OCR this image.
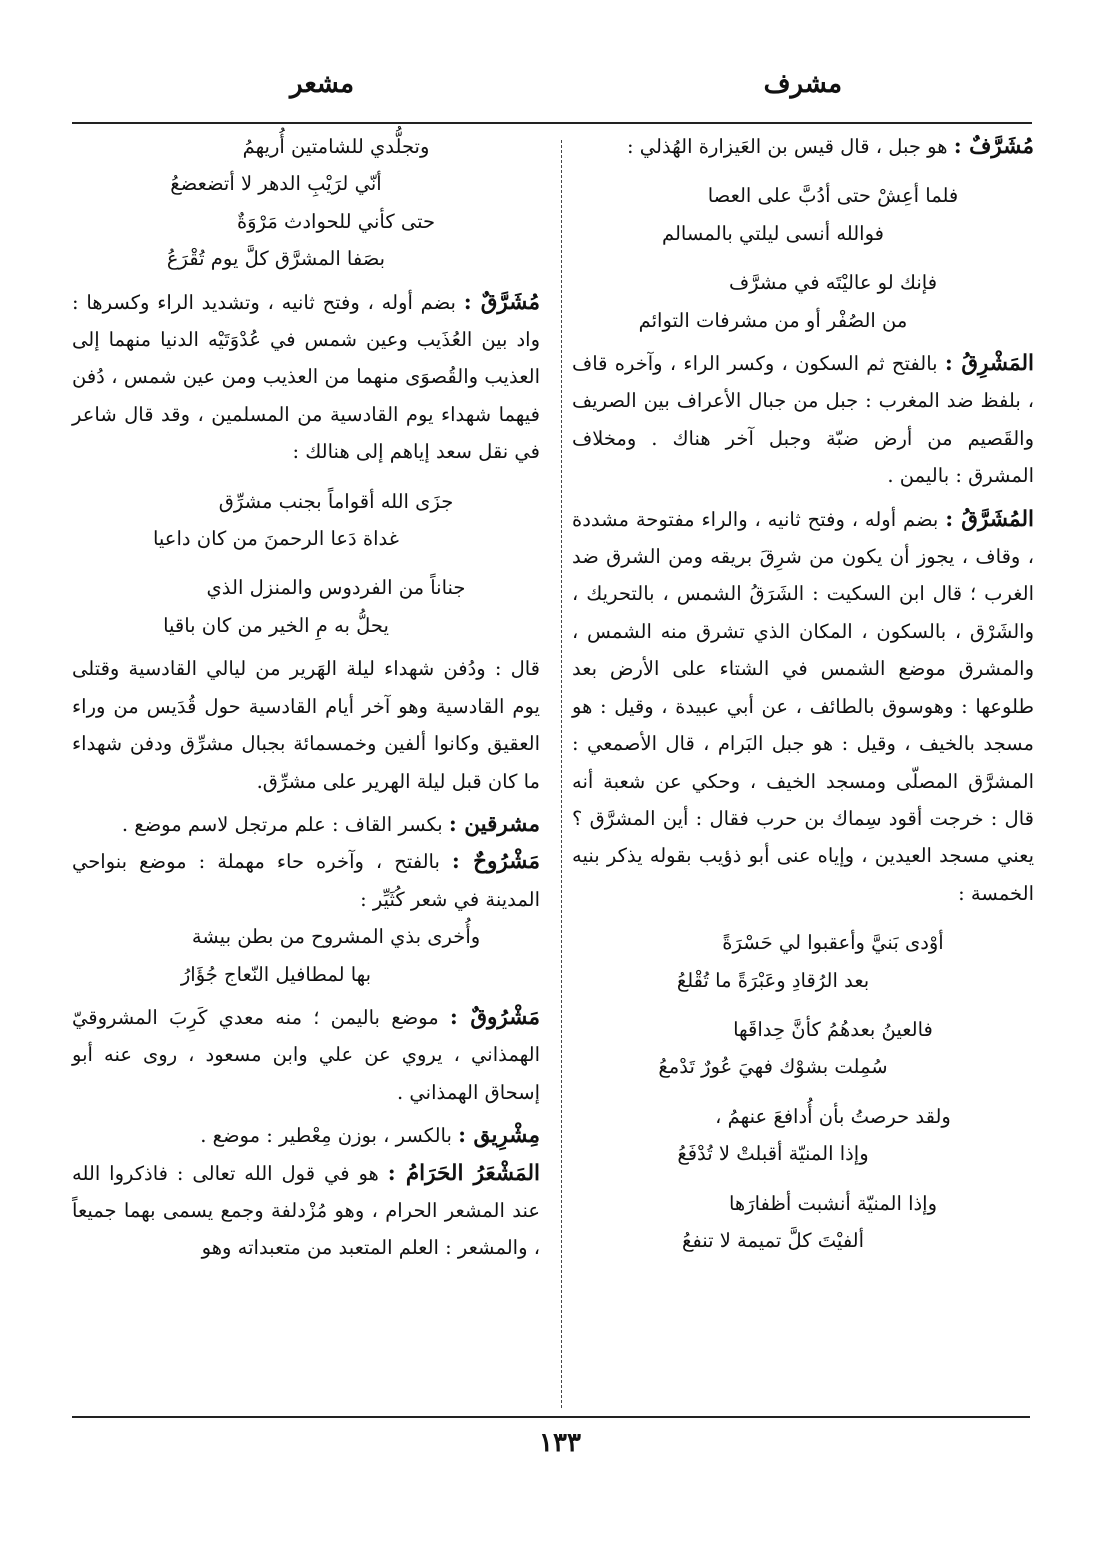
مشرف
مشعر

مُشَرَّفٌ : هو جبل ، قال قيس بن العَيزارة الهُذلي :

فلما أعِشْ حتى أدُبَّ على العصا
فوالله أنسى ليلتي بالمسالم
فإنك لو عاليْتَه في مشرَّف
من الصُفْر أو من مشرفات التوائم

المَشْرِقُ : بالفتح ثم السكون ، وكسر الراء ، وآخره قاف ، بلفظ ضد المغرب : جبل من جبال الأعراف بين الصريف والقَصيم من أرض ضبّة وجبل آخر هناك . ومخلاف المشرق : باليمن .

المُشَرَّقُ : بضم أوله ، وفتح ثانيه ، والراء مفتوحة مشددة ، وقاف ، يجوز أن يكون من شرِقَ بريقه ومن الشرق ضد الغرب ؛ قال ابن السكيت : الشَرَقُ الشمس ، بالتحريك ، والشَرْق ، بالسكون ، المكان الذي تشرق منه الشمس ، والمشرق موضع الشمس في الشتاء على الأرض بعد طلوعها : وهوسوق بالطائف ، عن أبي عبيدة ، وقيل : هو مسجد بالخيف ، وقيل : هو جبل البَرام ، قال الأصمعي : المشرَّق المصلّى ومسجد الخيف ، وحكي عن شعبة أنه قال : خرجت أقود سِماك بن حرب فقال : أين المشرَّق ؟ يعني مسجد العيدين ، وإياه عنى أبو ذؤيب بقوله يذكر بنيه الخمسة :

أوْدى بَنيَّ وأعقبوا لي حَسْرَةً
بعد الرُقادِ وعَبْرَةً ما تُقْلعُ
فالعينُ بعدهُمُ كأنَّ حِداقَها
سُمِلت بشوْك فهيَ عُورٌ تَدْمعُ
ولقد حرصتُ بأن أُدافعَ عنهمُ ،
وإذا المنيّة أقبلتْ لا تُدْفَعُ
وإذا المنيّة أنشبت أظفارَها
ألفيْتَ كلَّ تميمة لا تنفعُ
وتجلُّدي للشامتين أُريهمُ
أنّي لرَيْبِ الدهر لا أتضعضعُ
حتى كأني للحوادث مَرْوَةٌ
بصَفا المشرَّق كلَّ يوم تُقْرَعُ

مُشَرَّقٌ : بضم أوله ، وفتح ثانيه ، وتشديد الراء وكسرها : واد بين العُذَيب وعين شمس في عُدْوَتَيْه الدنيا منهما إلى العذيب والقُصوَى منهما من العذيب ومن عين شمس ، دُفن فيهما شهداء يوم القادسية من المسلمين ، وقد قال شاعر في نقل سعد إياهم إلى هنالك :

جزَى الله أقواماً بجنب مشرِّق
غداة دَعا الرحمنَ من كان داعيا
جناناً من الفردوس والمنزل الذي
يحلُّ به مِ الخير من كان باقيا

قال : ودُفن شهداء ليلة الهَرير من ليالي القادسية وقتلى يوم القادسية وهو آخر أيام القادسية حول قُدَيس من وراء العقيق وكانوا ألفين وخمسمائة بجبال مشرِّق ودفن شهداء ما كان قبل ليلة الهرير على مشرِّق.

مشرقين : بكسر القاف : علم مرتجل لاسم موضع .

مَشْرُوحٌ : بالفتح ، وآخره حاء مهملة : موضع بنواحي المدينة في شعر كُثَيِّر :

وأُخرى بذي المشروح من بطن بيشة
بها لمطافيل النّعاج جُؤَارُ

مَشْرُوقٌ : موضع باليمن ؛ منه معدي كَرِبَ المشروقيّ الهمذاني ، يروي عن علي وابن مسعود ، روى عنه أبو إسحاق الهمذاني .

مِشْرِيق : بالكسر ، بوزن مِعْطير : موضع .

المَشْعَرُ الحَرَامُ : هو في قول الله تعالى : فاذكروا الله عند المشعر الحرام ، وهو مُزْدلفة وجمع يسمى بهما جميعاً ، والمشعر : العلم المتعبد من متعبداته وهو

١٣٣
